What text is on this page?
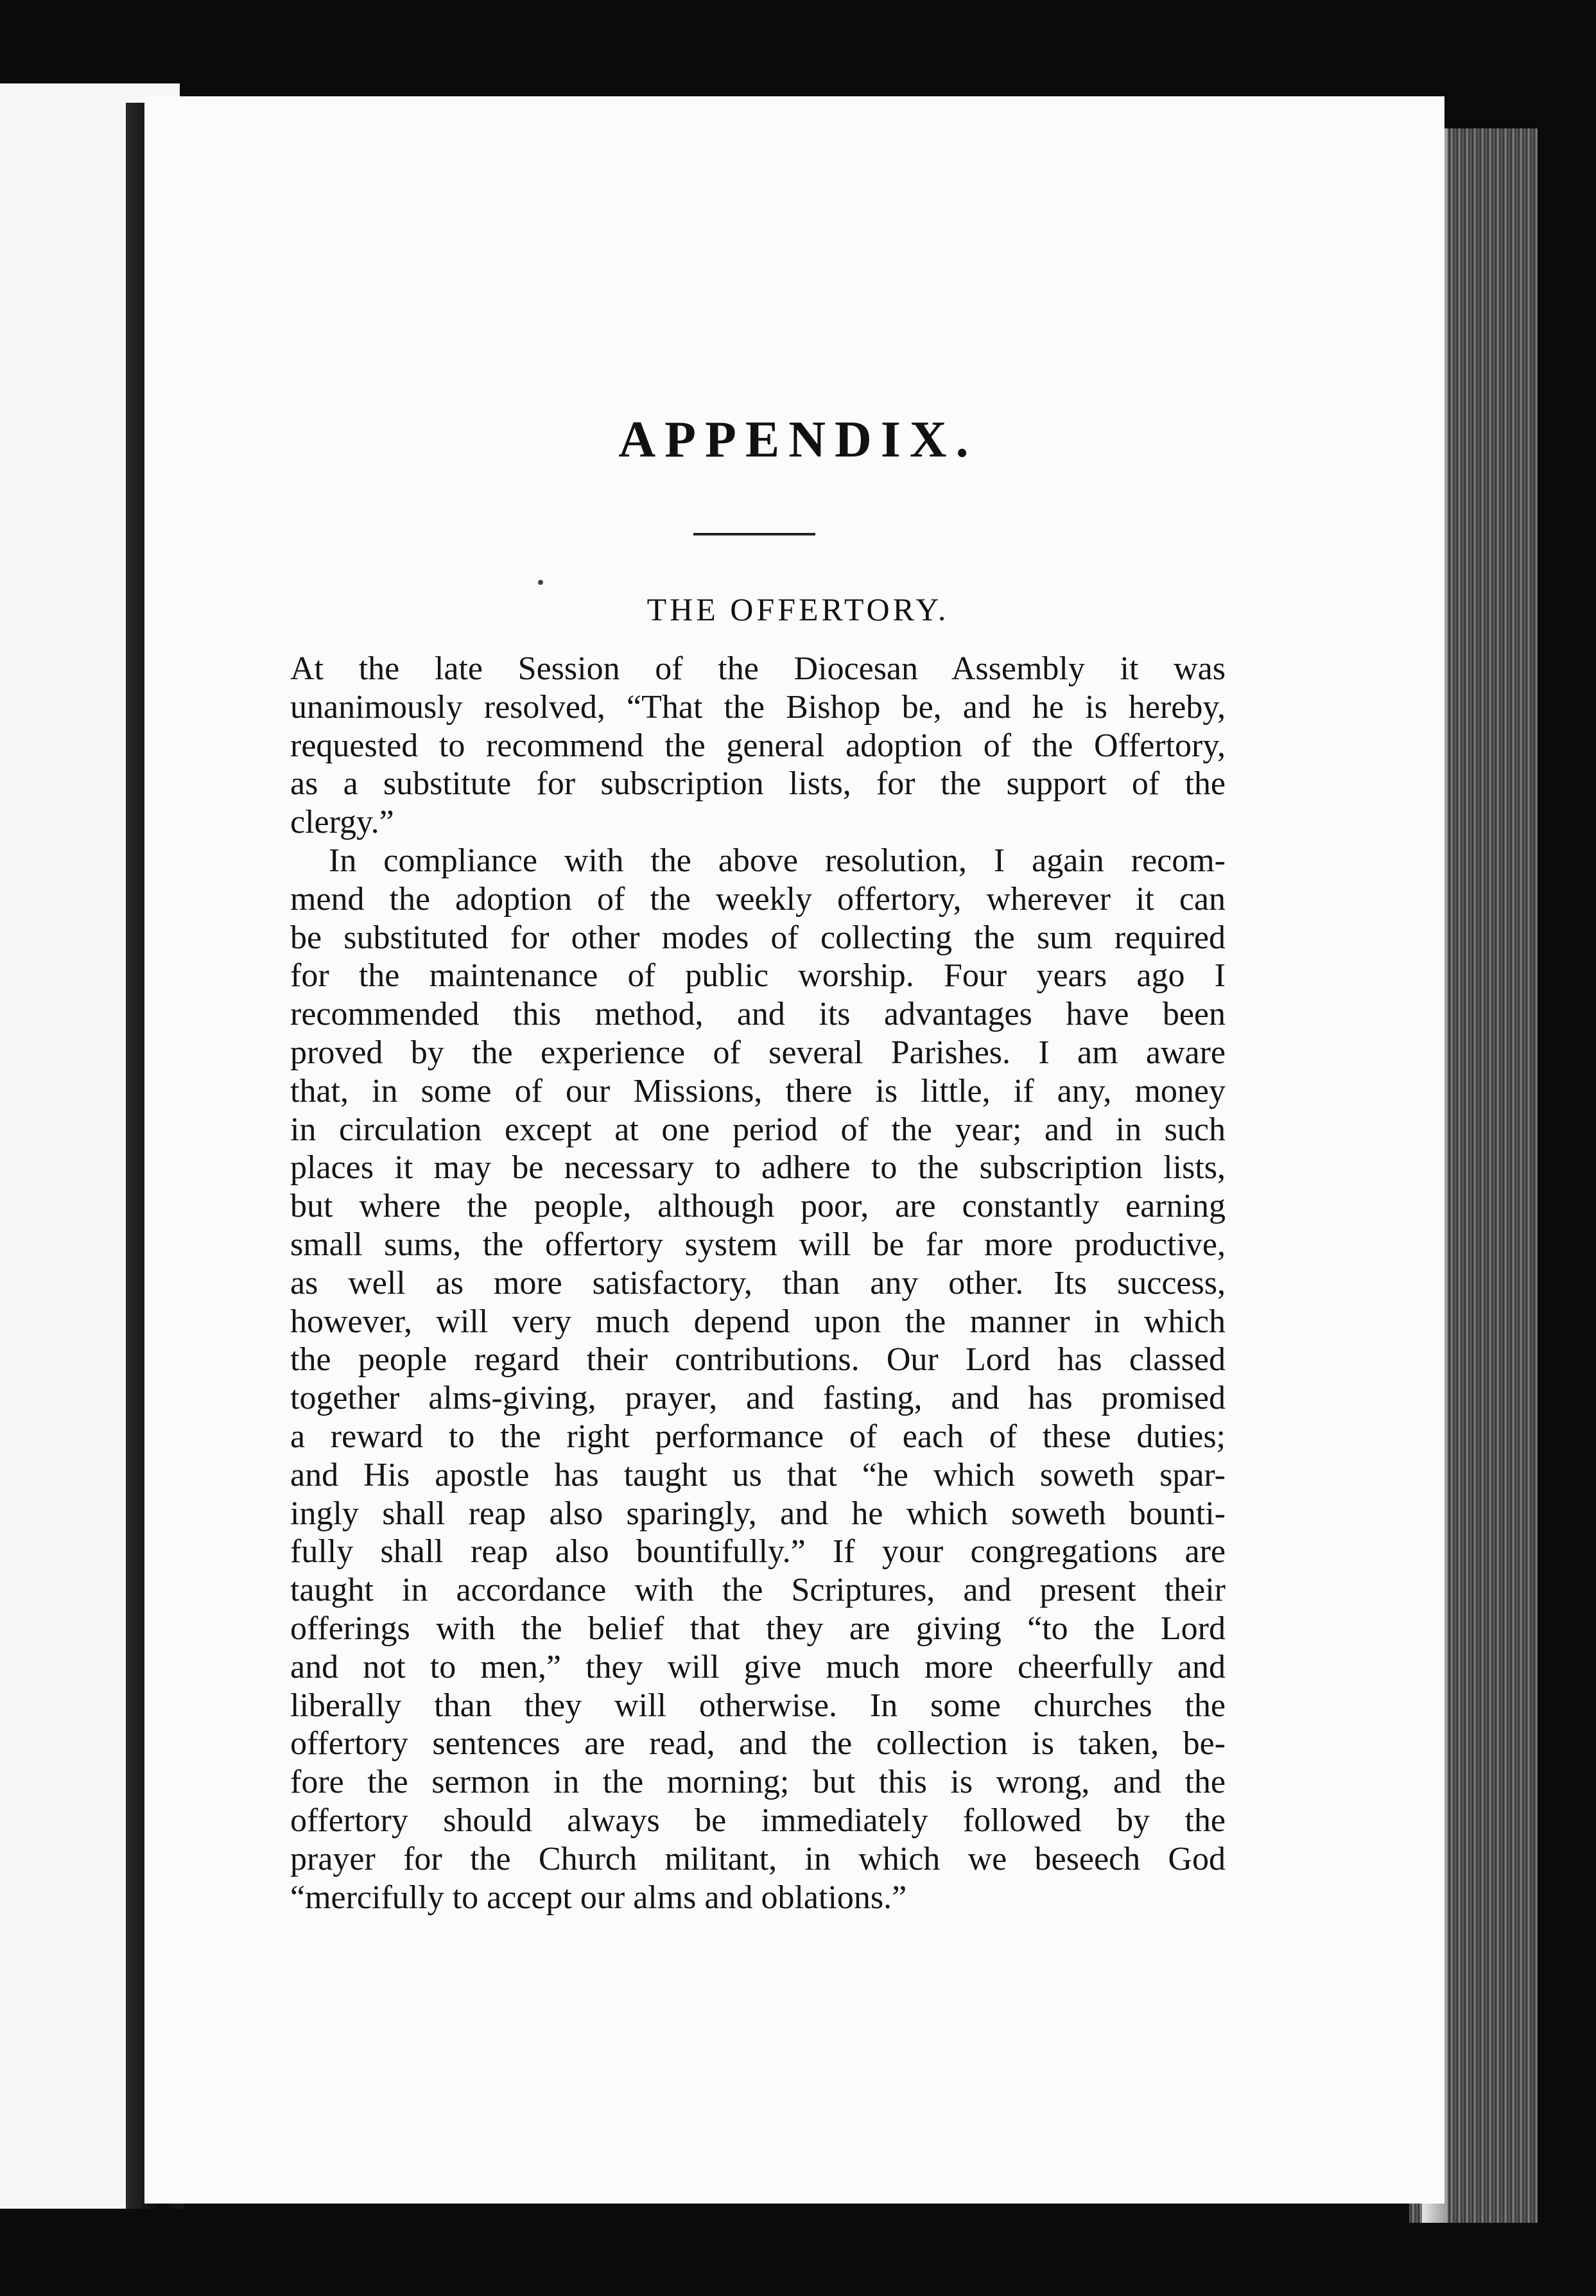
APPENDIX.
THE OFFERTORY.
At the late Session of the Diocesan Assembly it was
unanimously resolved, “That the Bishop be, and he is hereby,
requested to recommend the general adoption of the Offertory,
as a substitute for subscription lists, for the support of the
clergy.”
In compliance with the above resolution, I again recom-
mend the adoption of the weekly offertory, wherever it can
be substituted for other modes of collecting the sum required
for the maintenance of public worship. Four years ago I
recommended this method, and its advantages have been
proved by the experience of several Parishes. I am aware
that, in some of our Missions, there is little, if any, money
in circulation except at one period of the year; and in such
places it may be necessary to adhere to the subscription lists,
but where the people, although poor, are constantly earning
small sums, the offertory system will be far more productive,
as well as more satisfactory, than any other. Its success,
however, will very much depend upon the manner in which
the people regard their contributions. Our Lord has classed
together alms-giving, prayer, and fasting, and has promised
a reward to the right performance of each of these duties;
and His apostle has taught us that “he which soweth spar-
ingly shall reap also sparingly, and he which soweth bounti-
fully shall reap also bountifully.” If your congregations are
taught in accordance with the Scriptures, and present their
offerings with the belief that they are giving “to the Lord
and not to men,” they will give much more cheerfully and
liberally than they will otherwise. In some churches the
offertory sentences are read, and the collection is taken, be-
fore the sermon in the morning; but this is wrong, and the
offertory should always be immediately followed by the
prayer for the Church militant, in which we beseech God
“mercifully to accept our alms and oblations.”
